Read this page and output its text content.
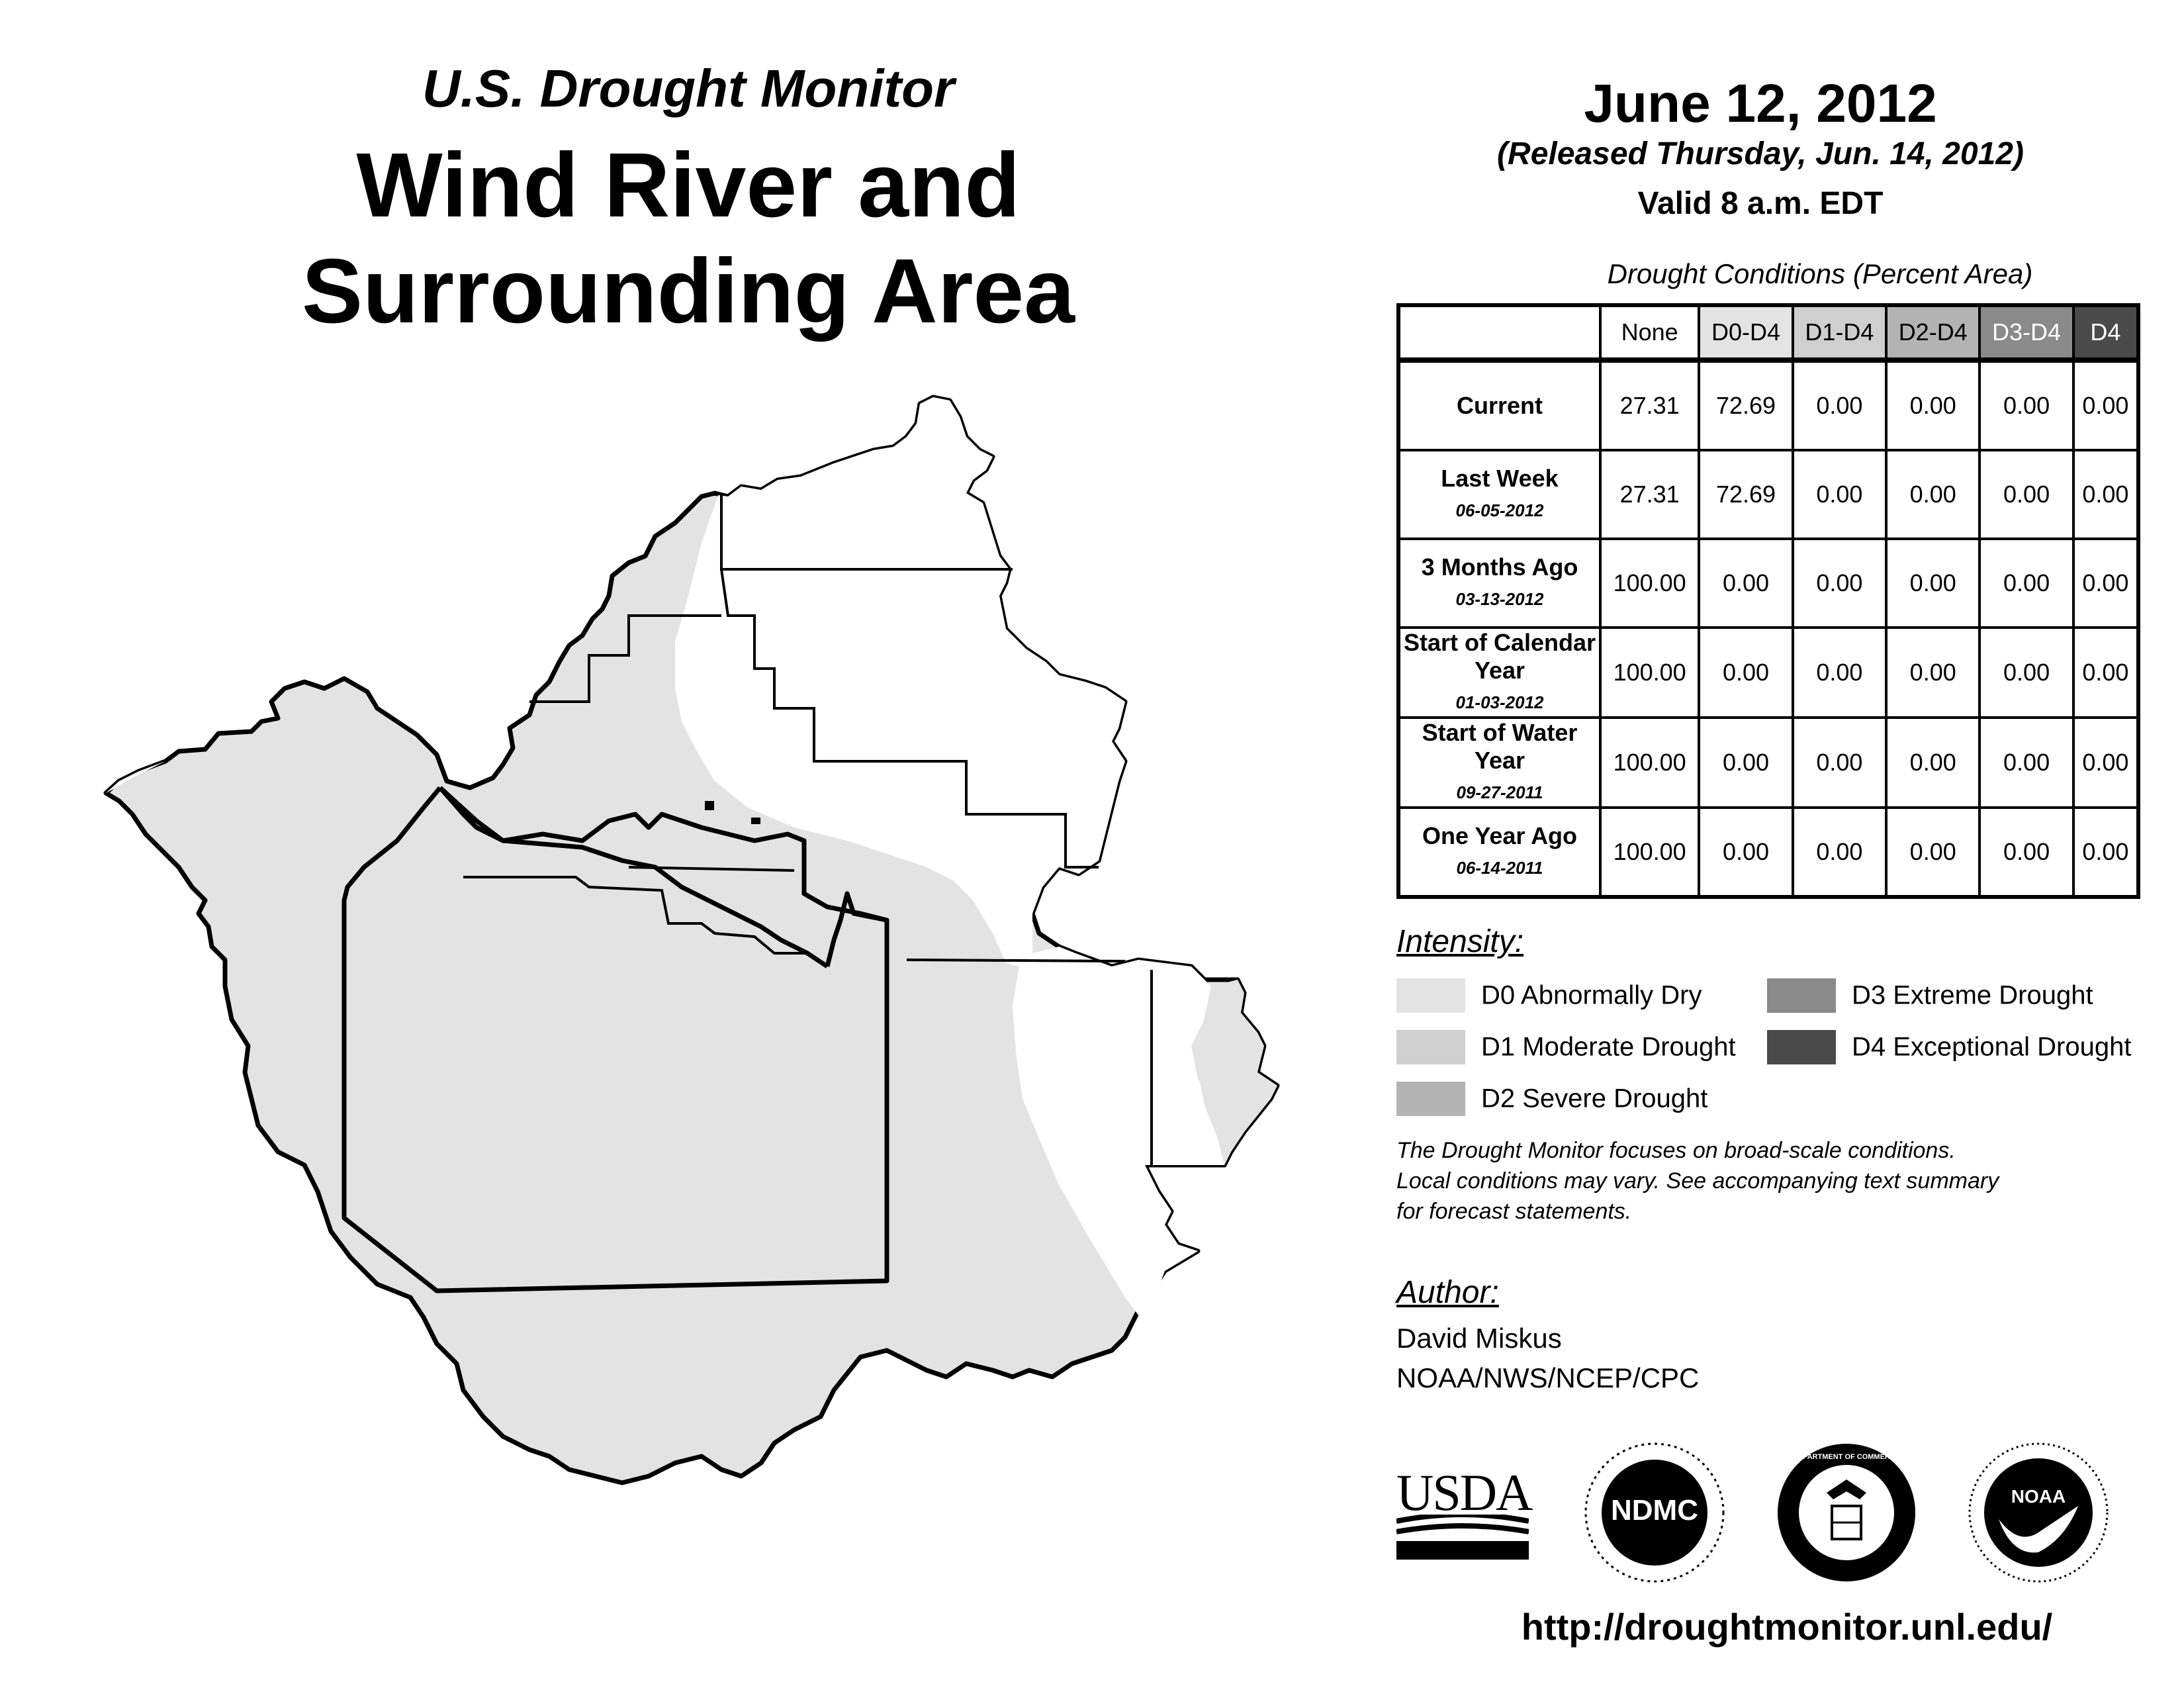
U.S. Drought Monitor
Wind River and
Surrounding Area
June 12, 2012
(Released Thursday, Jun. 14, 2012)
Valid 8 a.m. EDT
Drought Conditions (Percent Area)
	None	D0-D4	D1-D4	D2-D4	D3-D4	D4
Current	27.31	72.69	0.00	0.00	0.00	0.00
Last Week
06-05-2012	27.31	72.69	0.00	0.00	0.00	0.00
3 Months Ago
03-13-2012	100.00	0.00	0.00	0.00	0.00	0.00
Start of Calendar Year
01-03-2012	100.00	0.00	0.00	0.00	0.00	0.00
Start of Water Year
09-27-2011	100.00	0.00	0.00	0.00	0.00	0.00
One Year Ago
06-14-2011	100.00	0.00	0.00	0.00	0.00	0.00
Intensity:
D0 Abnormally Dry
D1 Moderate Drought
D2 Severe Drought
D3 Extreme Drought
D4 Exceptional Drought
The Drought Monitor focuses on broad-scale conditions.
Local conditions may vary. See accompanying text summary
for forecast statements.
Author:
David Miskus
NOAA/NWS/NCEP/CPC
USDA	NDMC
DEPARTMENT OF COMMERCE
NOAA
http://droughtmonitor.unl.edu/
